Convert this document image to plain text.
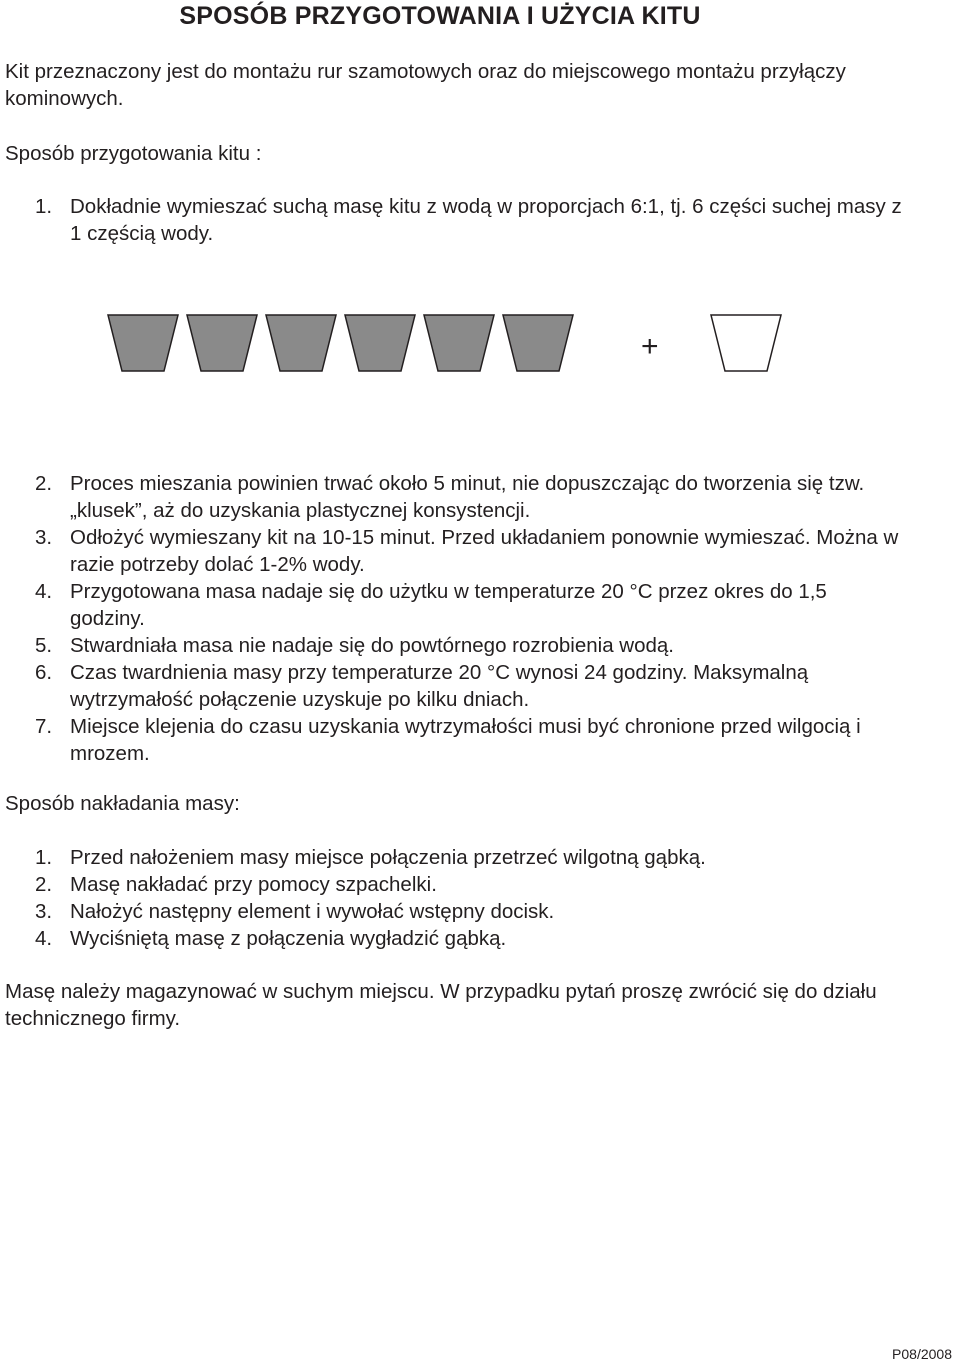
SPOSÓB PRZYGOTOWANIA I UŻYCIA KITU
Kit przeznaczony jest do montażu rur szamotowych oraz do miejscowego montażu przyłączy kominowych.
Sposób przygotowania kitu :
1. Dokładnie wymieszać suchą masę kitu z wodą w proporcjach 6:1, tj. 6 części suchej masy z 1 częścią wody.
+
2. Proces mieszania powinien trwać około 5 minut, nie dopuszczając do tworzenia się tzw. „klusek”, aż do uzyskania plastycznej konsystencji.
3. Odłożyć wymieszany kit na 10-15 minut. Przed układaniem ponownie wymieszać. Można w razie potrzeby dolać 1-2% wody.
4. Przygotowana masa nadaje się do użytku w temperaturze 20 °C przez okres do 1,5 godziny.
5. Stwardniała masa nie nadaje się do powtórnego rozrobienia wodą.
6. Czas twardnienia masy przy temperaturze 20 °C wynosi 24 godziny. Maksymalną wytrzymałość połączenie uzyskuje po kilku dniach.
7. Miejsce klejenia do czasu uzyskania wytrzymałości musi być chronione przed wilgocią i mrozem.
Sposób nakładania masy:
1. Przed nałożeniem masy miejsce połączenia przetrzeć wilgotną gąbką.
2. Masę nakładać przy pomocy szpachelki.
3. Nałożyć następny element i wywołać wstępny docisk.
4. Wyciśniętą masę z połączenia wygładzić gąbką.
Masę należy magazynować w suchym miejscu. W przypadku pytań proszę zwrócić się do działu technicznego firmy.
P08/2008
